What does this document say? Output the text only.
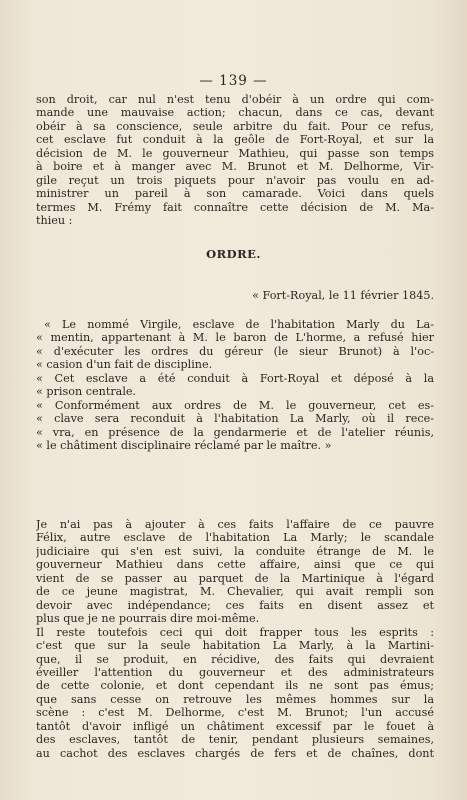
— 139 —
son droit, car nul n'est tenu d'obéir à un ordre qui com-
mande une mauvaise action; chacun, dans ce cas, devant
obéir à sa conscience, seule arbitre du fait. Pour ce refus,
cet esclave fut conduit à la geôle de Fort-Royal, et sur la
décision de M. le gouverneur Mathieu, qui passe son temps
à boire et à manger avec M. Brunot et M. Delhorme, Vir-
gile reçut un trois piquets pour n'avoir pas voulu en ad-
ministrer un pareil à son camarade. Voici dans quels
termes M. Frémy fait connaître cette décision de M. Ma-
thieu :
ORDRE.
« Fort-Royal, le 11 février 1845.
« Le nommé Virgile, esclave de l'habitation Marly du La-
« mentin, appartenant à M. le baron de L'horme, a refusé hier
« d'exécuter les ordres du géreur (le sieur Brunot) à l'oc-
« casion d'un fait de discipline.
« Cet esclave a été conduit à Fort-Royal et déposé à la
« prison centrale.
« Conformément aux ordres de M. le gouverneur, cet es-
« clave sera reconduit à l'habitation La Marly, où il rece-
« vra, en présence de la gendarmerie et de l'atelier réunis,
« le châtiment disciplinaire réclamé par le maître. »
Je n'ai pas à ajouter à ces faits l'affaire de ce pauvre
Félix, autre esclave de l'habitation La Marly; le scandale
judiciaire qui s'en est suivi, la conduite étrange de M. le
gouverneur Mathieu dans cette affaire, ainsi que ce qui
vient de se passer au parquet de la Martinique à l'égard
de ce jeune magistrat, M. Chevalier, qui avait rempli son
devoir avec indépendance; ces faits en disent assez et
plus que je ne pourrais dire moi-même.
Il reste toutefois ceci qui doit frapper tous les esprits :
c'est que sur la seule habitation La Marly, à la Martini-
que, il se produit, en récidive, des faits qui devraient
éveiller l'attention du gouverneur et des administrateurs
de cette colonie, et dont cependant ils ne sont pas émus;
que sans cesse on retrouve les mêmes hommes sur la
scène : c'est M. Delhorme, c'est M. Brunot; l'un accusé
tantôt d'avoir infligé un châtiment excessif par le fouet à
des esclaves, tantôt de tenir, pendant plusieurs semaines,
au cachot des esclaves chargés de fers et de chaînes, dont
